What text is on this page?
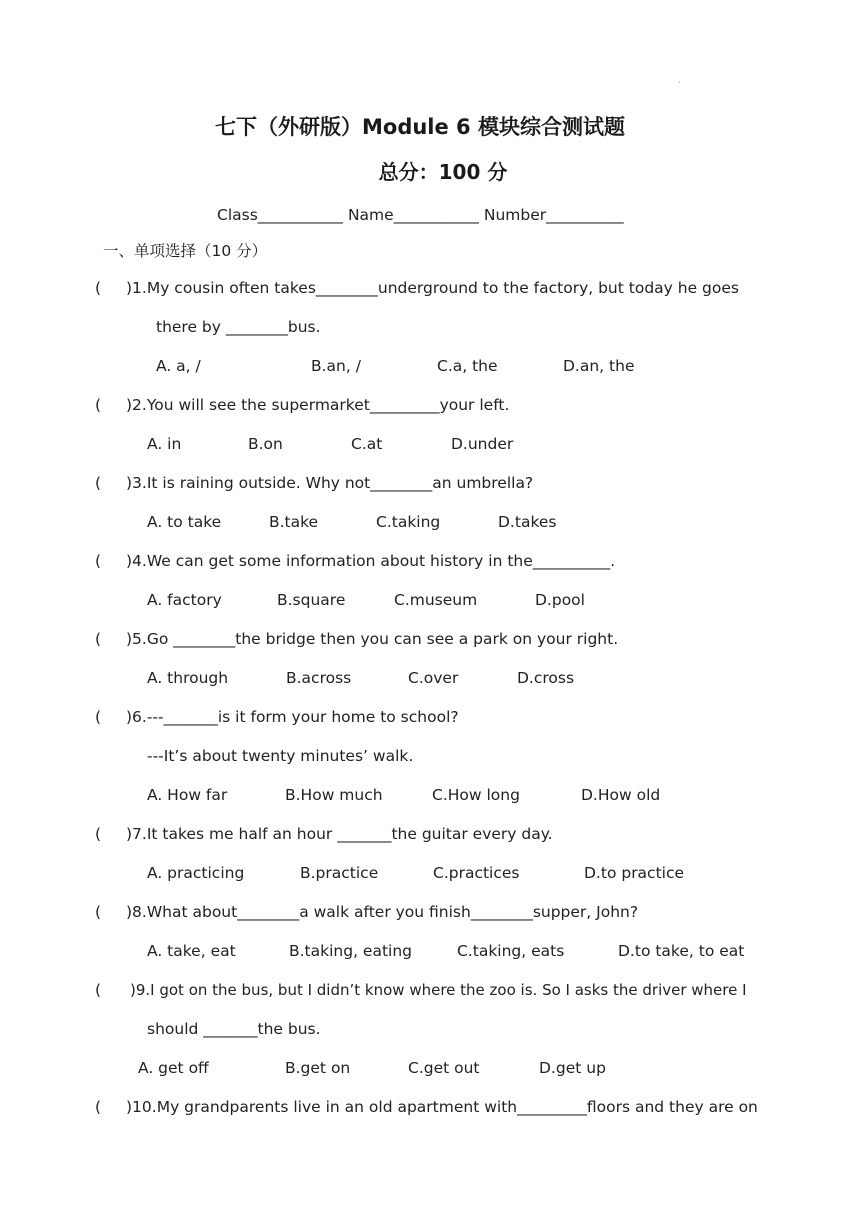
'
七下（外研版）Module 6 模块综合测试题
总分：100 分
Class___________ Name___________ Number__________
一、单项选择（10 分）
( )1.My cousin often takes________underground to the factory, but today he goes
there by ________bus.
A. a, /	B.an, /	C.a, the	D.an, the
( )2.You will see the supermarket_________your left.
A. in	B.on	C.at	D.under
( )3.It is raining outside. Why not________an umbrella?
A. to take	B.take	C.taking	D.takes
( )4.We can get some information about history in the__________.
A. factory	B.square	C.museum	D.pool
( )5.Go ________the bridge then you can see a park on your right.
A. through	B.across	C.over	D.cross
( )6.---_______is it form your home to school?
---It’s about twenty minutes’ walk.
A. How far	B.How much	C.How long	D.How old
( )7.It takes me half an hour _______the guitar every day.
A. practicing	B.practice	C.practices	D.to practice
( )8.What about________a walk after you finish________supper, John?
A. take, eat	B.taking, eating	C.taking, eats	D.to take, to eat
( )9.I got on the bus, but I didn’t know where the zoo is. So I asks the driver where I
should _______the bus.
A. get off	B.get on	C.get out	D.get up
( )10.My grandparents live in an old apartment with_________floors and they are on
